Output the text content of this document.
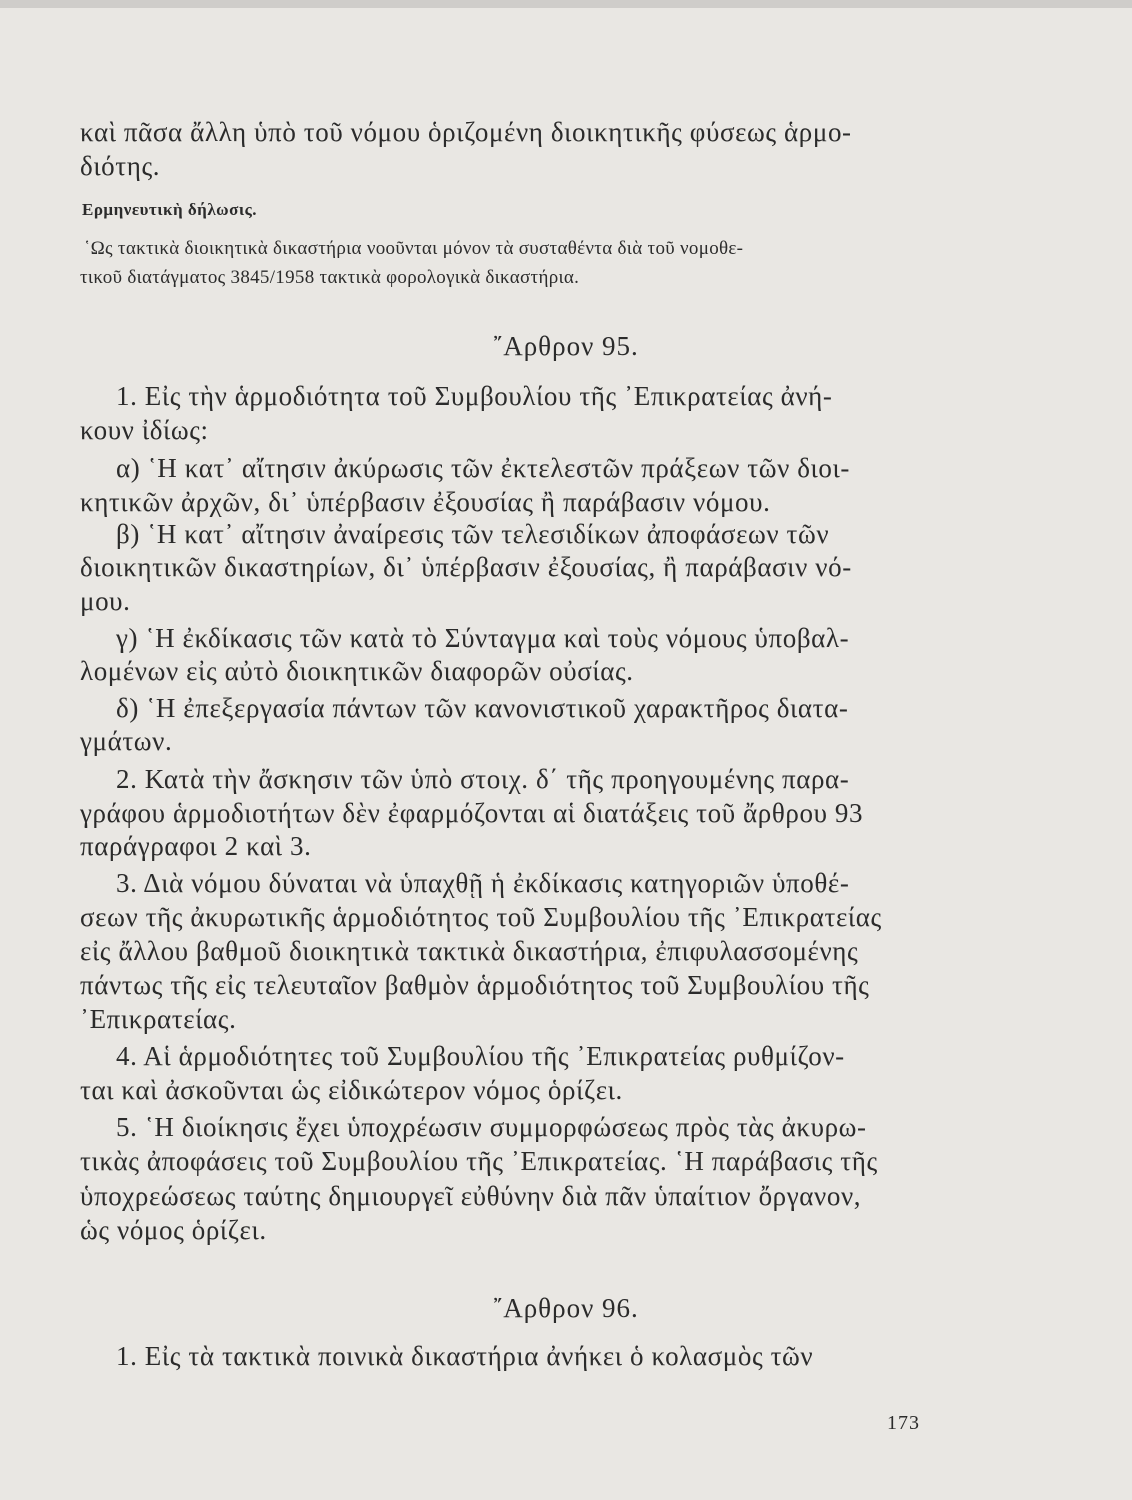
καὶ πᾶσα ἄλλη ὑπὸ τοῦ νόμου ὁριζομένη διοικητικῆς φύσεως ἁρμο-
διότης.
Ερμηνευτικὴ δήλωσις.
῾Ως τακτικὰ διοικητικὰ δικαστήρια νοοῦνται μόνον τὰ συσταθέντα διὰ τοῦ νομοθε-
τικοῦ διατάγματος 3845/1958 τακτικὰ φορολογικὰ δικαστήρια.
῎Αρθρον 95.
1. Εἰς τὴν ἁρμοδιότητα τοῦ Συμβουλίου τῆς ᾿Επικρατείας ἀνή-
κουν ἰδίως:
α) ῾Η κατ᾿ αἴτησιν ἀκύρωσις τῶν ἐκτελεστῶν πράξεων τῶν διοι-
κητικῶν ἀρχῶν, δι᾿ ὑπέρβασιν ἐξουσίας ἢ παράβασιν νόμου.
β) ῾Η κατ᾿ αἴτησιν ἀναίρεσις τῶν τελεσιδίκων ἀποφάσεων τῶν
διοικητικῶν δικαστηρίων, δι᾿ ὑπέρβασιν ἐξουσίας, ἢ παράβασιν νό-
μου.
γ) ῾Η ἐκδίκασις τῶν κατὰ τὸ Σύνταγμα καὶ τοὺς νόμους ὑποβαλ-
λομένων εἰς αὐτὸ διοικητικῶν διαφορῶν οὐσίας.
δ) ῾Η ἐπεξεργασία πάντων τῶν κανονιστικοῦ χαρακτῆρος διατα-
γμάτων.
2. Κατὰ τὴν ἄσκησιν τῶν ὑπὸ στοιχ. δ΄ τῆς προηγουμένης παρα-
γράφου ἁρμοδιοτήτων δὲν ἐφαρμόζονται αἱ διατάξεις τοῦ ἄρθρου 93
παράγραφοι 2 καὶ 3.
3. Διὰ νόμου δύναται νὰ ὑπαχθῇ ἡ ἐκδίκασις κατηγοριῶν ὑποθέ-
σεων τῆς ἀκυρωτικῆς ἁρμοδιότητος τοῦ Συμβουλίου τῆς ᾿Επικρατείας
εἰς ἄλλου βαθμοῦ διοικητικὰ τακτικὰ δικαστήρια, ἐπιφυλασσομένης
πάντως τῆς εἰς τελευταῖον βαθμὸν ἁρμοδιότητος τοῦ Συμβουλίου τῆς
᾿Επικρατείας.
4. Αἱ ἁρμοδιότητες τοῦ Συμβουλίου τῆς ᾿Επικρατείας ρυθμίζον-
ται καὶ ἀσκοῦνται ὡς εἰδικώτερον νόμος ὁρίζει.
5. ῾Η διοίκησις ἔχει ὑποχρέωσιν συμμορφώσεως πρὸς τὰς ἀκυρω-
τικὰς ἀποφάσεις τοῦ Συμβουλίου τῆς ᾿Επικρατείας. ῾Η παράβασις τῆς
ὑποχρεώσεως ταύτης δημιουργεῖ εὐθύνην διὰ πᾶν ὑπαίτιον ὄργανον,
ὡς νόμος ὁρίζει.
῎Αρθρον 96.
1. Εἰς τὰ τακτικὰ ποινικὰ δικαστήρια ἀνήκει ὁ κολασμὸς τῶν
173
